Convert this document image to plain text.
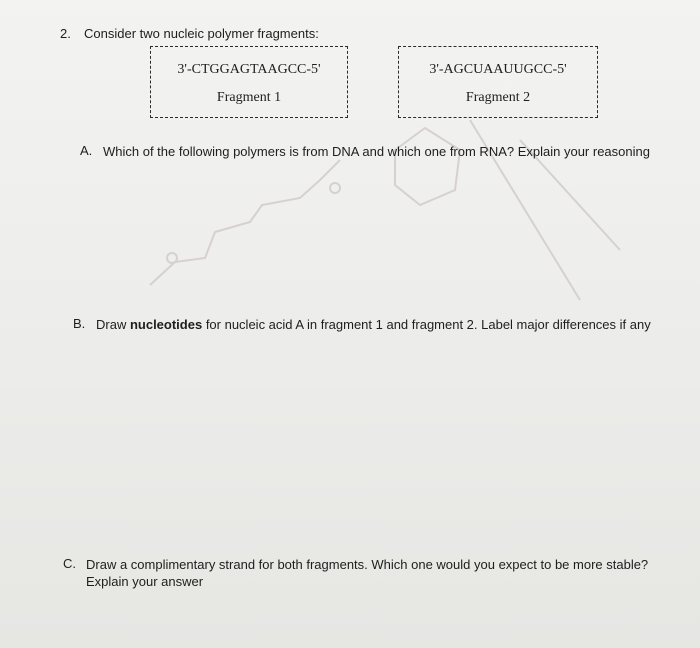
2. Consider two nucleic polymer fragments:
3'-CTGGAGTAAGCC-5'
Fragment 1
3'-AGCUAAUUGCC-5'
Fragment 2
A. Which of the following polymers is from DNA and which one from RNA? Explain your reasoning
B. Draw nucleotides for nucleic acid A in fragment 1 and fragment 2. Label major differences if any
C. Draw a complimentary strand for both fragments. Which one would you expect to be more stable? Explain your answer
